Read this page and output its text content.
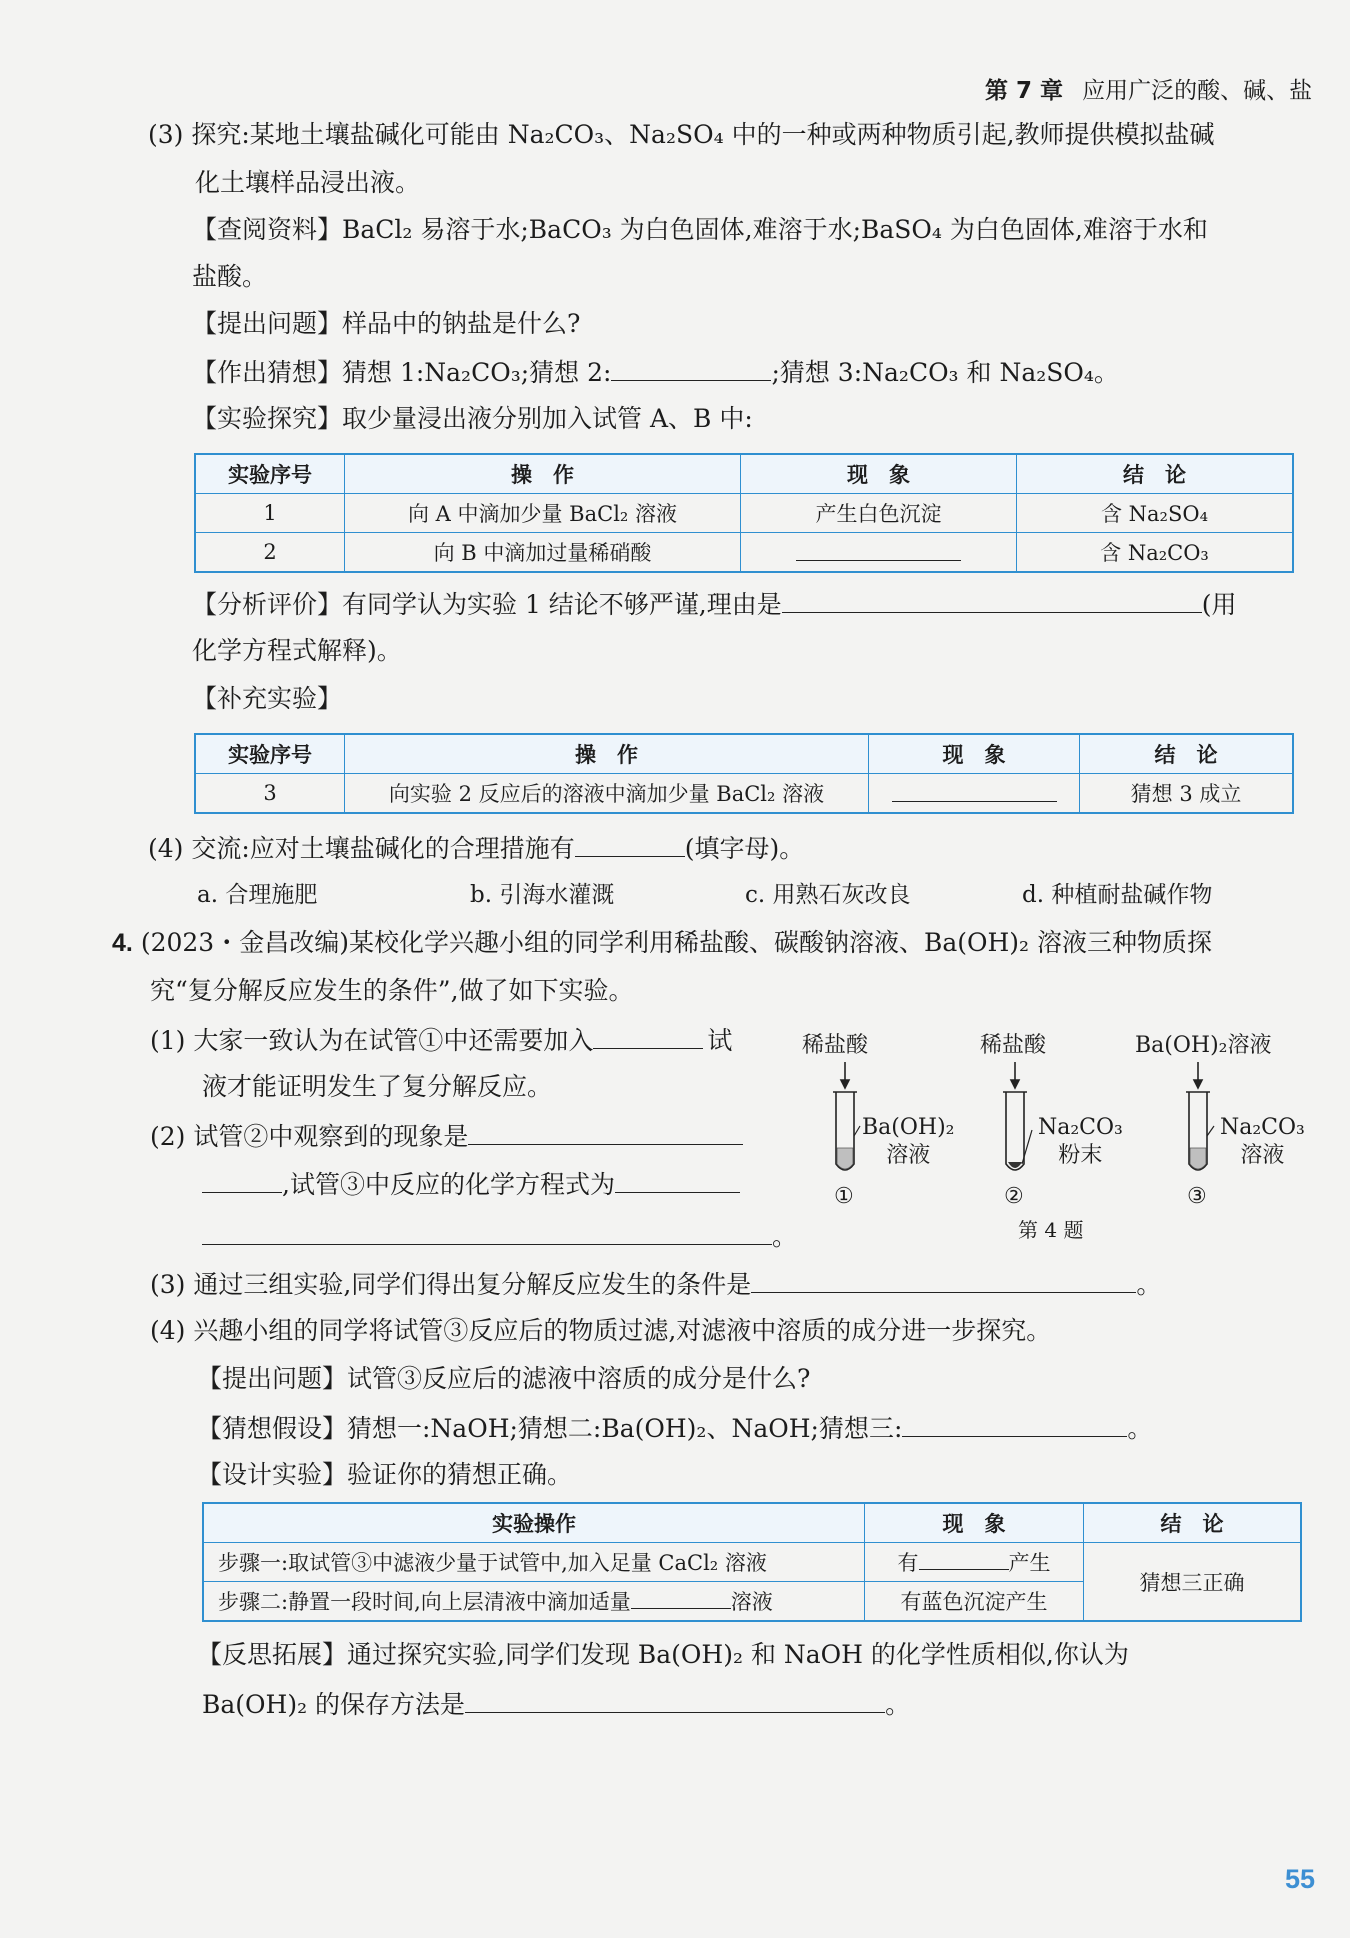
第 7 章 应用广泛的酸、碱、盐
(3) 探究:某地土壤盐碱化可能由 Na₂CO₃、Na₂SO₄ 中的一种或两种物质引起,教师提供模拟盐碱
化土壤样品浸出液。
【查阅资料】BaCl₂ 易溶于水;BaCO₃ 为白色固体,难溶于水;BaSO₄ 为白色固体,难溶于水和
盐酸。
【提出问题】样品中的钠盐是什么?
【作出猜想】猜想 1:Na₂CO₃;猜想 2:	;猜想 3:Na₂CO₃ 和 Na₂SO₄。
【实验探究】取少量浸出液分别加入试管 A、B 中:
实验序号	操　作	现　象	结　论
1	向 A 中滴加少量 BaCl₂ 溶液	产生白色沉淀	含 Na₂SO₄
2	向 B 中滴加过量稀硝酸		含 Na₂CO₃
【分析评价】有同学认为实验 1 结论不够严谨,理由是	(用
化学方程式解释)。
【补充实验】
实验序号	操　作	现　象	结　论
3	向实验 2 反应后的溶液中滴加少量 BaCl₂ 溶液		猜想 3 成立
(4) 交流:应对土壤盐碱化的合理措施有	(填字母)。
a. 合理施肥	b. 引海水灌溉	c. 用熟石灰改良	d. 种植耐盐碱作物
4. (2023・金昌改编)某校化学兴趣小组的同学利用稀盐酸、碳酸钠溶液、Ba(OH)₂ 溶液三种物质探
究“复分解反应发生的条件”,做了如下实验。
(1) 大家一致认为在试管①中还需要加入	试
液才能证明发生了复分解反应。
(2) 试管②中观察到的现象是
,试管③中反应的化学方程式为
。
稀盐酸	稀盐酸	Ba(OH)₂溶液
Ba(OH)₂
溶液
Na₂CO₃
粉末
Na₂CO₃
溶液
①	②	③
第 4 题
(3) 通过三组实验,同学们得出复分解反应发生的条件是	。
(4) 兴趣小组的同学将试管③反应后的物质过滤,对滤液中溶质的成分进一步探究。
【提出问题】试管③反应后的滤液中溶质的成分是什么?
【猜想假设】猜想一:NaOH;猜想二:Ba(OH)₂、NaOH;猜想三:	。
【设计实验】验证你的猜想正确。
实验操作	现　象	结　论
步骤一:取试管③中滤液少量于试管中,加入足量 CaCl₂ 溶液	有 产生	猜想三正确
步骤二:静置一段时间,向上层清液中滴加适量 溶液	有蓝色沉淀产生	
【反思拓展】通过探究实验,同学们发现 Ba(OH)₂ 和 NaOH 的化学性质相似,你认为
Ba(OH)₂ 的保存方法是	。
55
